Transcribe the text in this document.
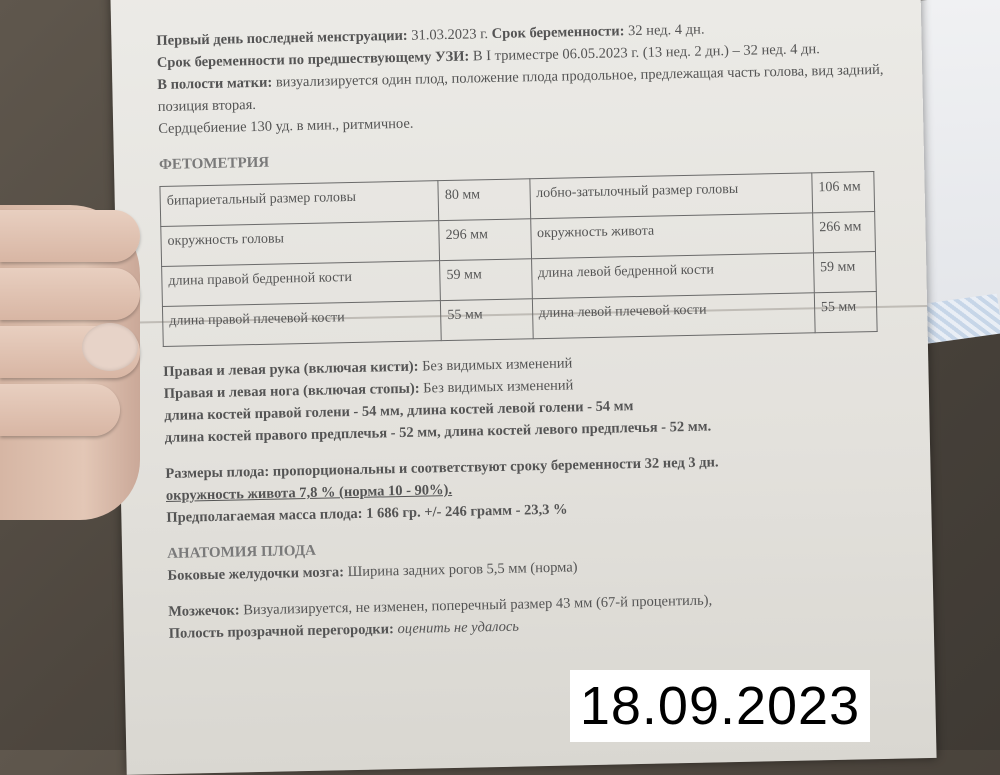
Первый день последней менструации: 31.03.2023 г. Срок беременности: 32 нед. 4 дн.

Срок беременности по предшествующему УЗИ: В I триместре 06.05.2023 г. (13 нед. 2 дн.) – 32 нед. 4 дн.

В полости матки: визуализируется один плод, положение плода продольное, предлежащая часть голова, вид задний, позиция вторая.

Сердцебиение 130 уд. в мин., ритмичное.

ФЕТОМЕТРИЯ

бипариетальный размер головы	80 мм	лобно-затылочный размер головы	106 мм
окружность головы	296 мм	окружность живота	266 мм
длина правой бедренной кости	59 мм	длина левой бедренной кости	59 мм
длина правой плечевой кости	55 мм	длина левой плечевой кости	55 мм

Правая и левая рука (включая кисти): Без видимых изменений

Правая и левая нога (включая стопы): Без видимых изменений

длина костей правой голени - 54 мм, длина костей левой голени - 54 мм

длина костей правого предплечья - 52 мм, длина костей левого предплечья - 52 мм.

Размеры плода: пропорциональны и соответствуют сроку беременности 32 нед 3 дн.

окружность живота 7,8 % (норма 10 - 90%).

Предполагаемая масса плода: 1 686 гр. +/- 246 грамм - 23,3 %

АНАТОМИЯ ПЛОДА

Боковые желудочки мозга: Ширина задних рогов 5,5 мм (норма)

Мозжечок: Визуализируется, не изменен, поперечный размер 43 мм (67-й процентиль),

Полость прозрачной перегородки: оценить не удалось

18.09.2023
